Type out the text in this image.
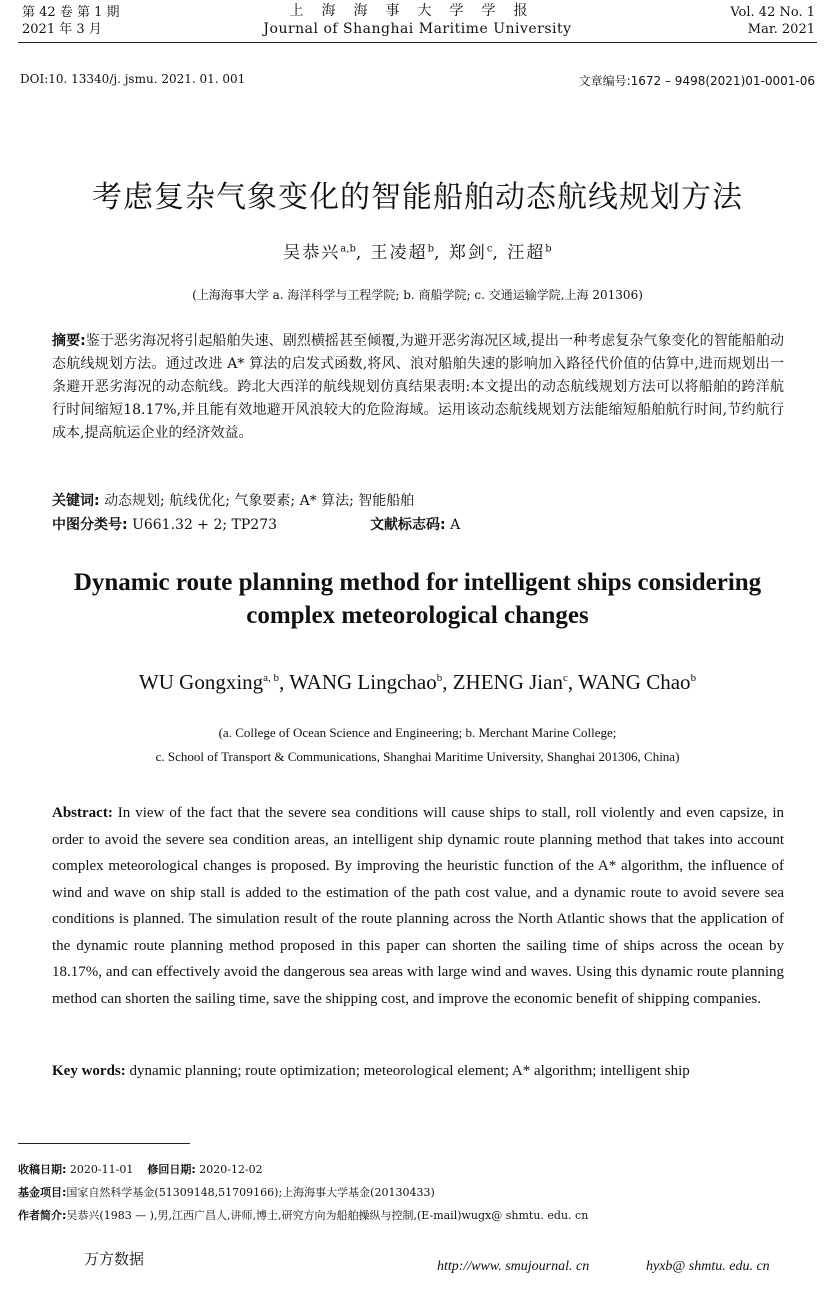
第 42 卷 第 1 期
2021 年 3 月
上海海事大学学报
Journal of Shanghai Maritime University
Vol. 42 No. 1
Mar. 2021
DOI:10. 13340/j. jsmu. 2021. 01. 001	文章编号:1672 – 9498(2021)01-0001-06
考虑复杂气象变化的智能船舶动态航线规划方法
吴恭兴$^{a,b}$, 王凌超$^b$, 郑剑$^c$, 汪超$^b$
(上海海事大学 a. 海洋科学与工程学院; b. 商船学院; c. 交通运输学院,上海 201306)
摘要:鉴于恶劣海况将引起船舶失速、剧烈横摇甚至倾覆,为避开恶劣海况区域,提出一种考虑复杂气象变化的智能船舶动态航线规划方法。通过改进 A* 算法的启发式函数,将风、浪对船舶失速的影响加入路径代价值的估算中,进而规划出一条避开恶劣海况的动态航线。跨北大西洋的航线规划仿真结果表明:本文提出的动态航线规划方法可以将船舶的跨洋航行时间缩短18.17%,并且能有效地避开风浪较大的危险海域。运用该动态航线规划方法能缩短船舶航行时间,节约航行成本,提高航运企业的经济效益。
关键词: 动态规划; 航线优化; 气象要素; A* 算法; 智能船舶
中图分类号: U661.32 + 2; TP273	文献标志码: A
Dynamic route planning method for intelligent ships considering complex meteorological changes
WU Gongxing$^{a, b}$, WANG Lingchao$^b$, ZHENG Jian$^c$, WANG Chao$^b$
(a. College of Ocean Science and Engineering; b. Merchant Marine College;
c. School of Transport & Communications, Shanghai Maritime University, Shanghai 201306, China)
Abstract: In view of the fact that the severe sea conditions will cause ships to stall, roll violently and even capsize, in order to avoid the severe sea condition areas, an intelligent ship dynamic route planning method that takes into account complex meteorological changes is proposed. By improving the heuristic function of the A* algorithm, the influence of wind and wave on ship stall is added to the estimation of the path cost value, and a dynamic route to avoid severe sea conditions is planned. The simulation result of the route planning across the North Atlantic shows that the application of the dynamic route planning method proposed in this paper can shorten the sailing time of ships across the ocean by 18.17%, and can effectively avoid the dangerous sea areas with large wind and waves. Using this dynamic route planning method can shorten the sailing time, save the shipping cost, and improve the economic benefit of shipping companies.
Key words: dynamic planning; route optimization; meteorological element; A* algorithm; intelligent ship
收稿日期: 2020-11-01 修回日期: 2020-12-02
基金项目:国家自然科学基金(51309148,51709166);上海海事大学基金(20130433)
作者简介:吴恭兴(1983 — ),男,江西广昌人,讲师,博士,研究方向为船舶操纵与控制,(E-mail)wugx@ shmtu. edu. cn
万方数据	http://www. smujournal. cn	hyxb@ shmtu. edu. cn
